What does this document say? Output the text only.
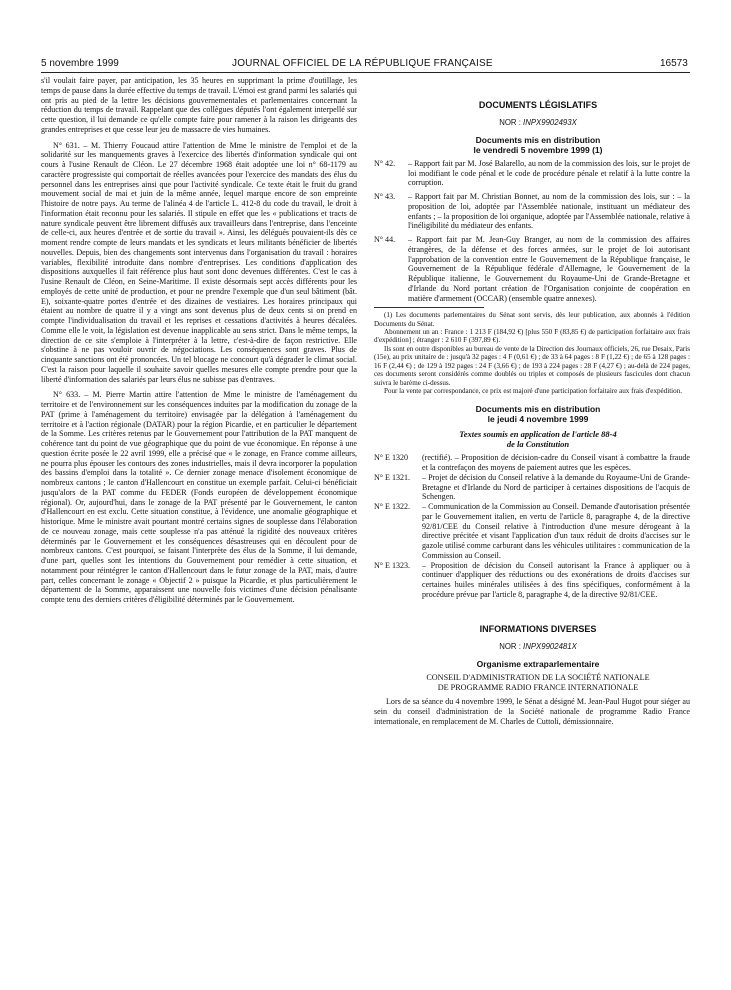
5 novembre 1999	JOURNAL OFFICIEL DE LA RÉPUBLIQUE FRANÇAISE	16573

s'il voulait faire payer, par anticipation, les 35 heures en supprimant la prime d'outillage, les temps de pause dans la durée effective du temps de travail. L'émoi est grand parmi les salariés qui ont pris au pied de la lettre les décisions gouvernementales et parlementaires concernant la réduction du temps de travail. Rappelant que des collègues députés l'ont également interpellé sur cette question, il lui demande ce qu'elle compte faire pour ramener à la raison les dirigeants des grandes entreprises et que cesse leur jeu de massacre de vies humaines.

N° 631. – M. Thierry Foucaud attire l'attention de Mme le ministre de l'emploi et de la solidarité sur les manquements graves à l'exercice des libertés d'information syndicale qui ont cours à l'usine Renault de Cléon. Le 27 décembre 1968 était adoptée une loi n° 68-1179 au caractère progressiste qui comportait de réelles avancées pour l'exercice des mandats des élus du personnel dans les entreprises ainsi que pour l'activité syndicale. Ce texte était le fruit du grand mouvement social de mai et juin de la même année, lequel marque encore de son empreinte l'histoire de notre pays. Au terme de l'alinéa 4 de l'article L. 412-8 du code du travail, le droit à l'information était reconnu pour les salariés. Il stipule en effet que les « publications et tracts de nature syndicale peuvent être librement diffusés aux travailleurs dans l'entreprise, dans l'enceinte de celle-ci, aux heures d'entrée et de sortie du travail ». Ainsi, les délégués pouvaient-ils dès ce moment rendre compte de leurs mandats et les syndicats et leurs militants bénéficier de libertés nouvelles. Depuis, bien des changements sont intervenus dans l'organisation du travail : horaires variables, flexibilité introduite dans nombre d'entreprises. Les conditions d'application des dispositions auxquelles il fait référence plus haut sont donc devenues différentes. C'est le cas à l'usine Renault de Cléon, en Seine-Maritime. Il existe désormais sept accès différents pour les employés de cette unité de production, et pour ne prendre l'exemple que d'un seul bâtiment (bât. E), soixante-quatre portes d'entrée et des dizaines de vestiaires. Les horaires principaux qui étaient au nombre de quatre il y a vingt ans sont devenus plus de deux cents si on prend en compte l'individualisation du travail et les reprises et cessations d'activités à heures décalées. Comme elle le voit, la législation est devenue inapplicable au sens strict. Dans le même temps, la direction de ce site s'emploie à l'interpréter à la lettre, c'est-à-dire de façon restrictive. Elle s'obstine à ne pas vouloir ouvrir de négociations. Les conséquences sont graves. Plus de cinquante sanctions ont été prononcées. Un tel blocage ne concourt qu'à dégrader le climat social. C'est la raison pour laquelle il souhaite savoir quelles mesures elle compte prendre pour que la liberté d'information des salariés par leurs élus ne subisse pas d'entraves.

N° 633. – M. Pierre Martin attire l'attention de Mme le ministre de l'aménagement du territoire et de l'environnement sur les conséquences induites par la modification du zonage de la PAT (prime à l'aménagement du territoire) envisagée par la délégation à l'aménagement du territoire et à l'action régionale (DATAR) pour la région Picardie, et en particulier le département de la Somme. Les critères retenus par le Gouvernement pour l'attribution de la PAT manquent de cohérence tant du point de vue géographique que du point de vue économique. En réponse à une question écrite posée le 22 avril 1999, elle a précisé que « le zonage, en France comme ailleurs, ne pourra plus épouser les contours des zones industrielles, mais il devra incorporer la population des bassins d'emploi dans la totalité ». Ce dernier zonage menace d'isolement économique de nombreux cantons ; le canton d'Hallencourt en constitue un exemple parfait. Celui-ci bénéficiait jusqu'alors de la PAT comme du FEDER (Fonds européen de développement économique régional). Or, aujourd'hui, dans le zonage de la PAT présenté par le Gouvernement, le canton d'Hallencourt en est exclu. Cette situation constitue, à l'évidence, une anomalie géographique et historique. Mme le ministre avait pourtant montré certains signes de souplesse dans l'élaboration de ce nouveau zonage, mais cette souplesse n'a pas atténué la rigidité des nouveaux critères déterminés par le Gouvernement et les conséquences désastreuses qui en découlent pour de nombreux cantons. C'est pourquoi, se faisant l'interprète des élus de la Somme, il lui demande, d'une part, quelles sont les intentions du Gouvernement pour remédier à cette situation, et notamment pour réintégrer le canton d'Hallencourt dans le futur zonage de la PAT, mais, d'autre part, celles concernant le zonage « Objectif 2 » puisque la Picardie, et plus particulièrement le département de la Somme, apparaissent une nouvelle fois victimes d'une décision pénalisante compte tenu des derniers critères d'éligibilité déterminés par le Gouvernement.

DOCUMENTS LÉGISLATIFS

NOR : INPX9902493X

Documents mis en distribution

le vendredi 5 novembre 1999 (1)

N° 42.	– Rapport fait par M. José Balarello, au nom de la commission des lois, sur le projet de loi modifiant le code pénal et le code de procédure pénale et relatif à la lutte contre la corruption.
N° 43.	– Rapport fait par M. Christian Bonnet, au nom de la commission des lois, sur : – la proposition de loi, adoptée par l'Assemblée nationale, instituant un médiateur des enfants ; – la proposition de loi organique, adoptée par l'Assemblée nationale, relative à l'inéligibilité du médiateur des enfants.
N° 44.	– Rapport fait par M. Jean-Guy Branger, au nom de la commission des affaires étrangères, de la défense et des forces armées, sur le projet de loi autorisant l'approbation de la convention entre le Gouvernement de la République française, le Gouvernement de la République fédérale d'Allemagne, le Gouvernement de la République italienne, le Gouvernement du Royaume-Uni de Grande-Bretagne et d'Irlande du Nord portant création de l'Organisation conjointe de coopération en matière d'armement (OCCAR) (ensemble quatre annexes).

(1) Les documents parlementaires du Sénat sont servis, dès leur publication, aux abonnés à l'édition Documents du Sénat.

Abonnement un an : France : 1 213 F (184,92 €) [plus 550 F (83,85 €) de participation forfaitaire aux frais d'expédition] ; étranger : 2 610 F (397,89 €).

Ils sont en outre disponibles au bureau de vente de la Direction des Journaux officiels, 26, rue Desaix, Paris (15e), au prix unitaire de : jusqu'à 32 pages : 4 F (0,61 €) ; de 33 à 64 pages : 8 F (1,22 €) ; de 65 à 128 pages : 16 F (2,44 €) ; de 129 à 192 pages : 24 F (3,66 €) ; de 193 à 224 pages : 28 F (4,27 €) ; au-delà de 224 pages, ces documents seront considérés comme doublés ou triples et composés de plusieurs fascicules dont chacun suivra le barème ci-dessus.

Pour la vente par correspondance, ce prix est majoré d'une participation forfaitaire aux frais d'expédition.

Documents mis en distribution

le jeudi 4 novembre 1999

Textes soumis en application de l'article 88-4

de la Constitution

N° E 1320	(rectifié). – Proposition de décision-cadre du Conseil visant à combattre la fraude et la contrefaçon des moyens de paiement autres que les espèces.
N° E 1321.	– Projet de décision du Conseil relative à la demande du Royaume-Uni de Grande-Bretagne et d'Irlande du Nord de participer à certaines dispositions de l'acquis de Schengen.
N° E 1322.	– Communication de la Commission au Conseil. Demande d'autorisation présentée par le Gouvernement italien, en vertu de l'article 8, paragraphe 4, de la directive 92/81/CEE du Conseil relative à l'introduction d'une mesure dérogeant à la directive précitée et visant l'application d'un taux réduit de droits d'accises sur le gazole utilisé comme carburant dans les véhicules utilitaires : communication de la Commission au Conseil.
N° E 1323.	– Proposition de décision du Conseil autorisant la France à appliquer ou à continuer d'appliquer des réductions ou des exonérations de droits d'accises sur certaines huiles minérales utilisées à des fins spécifiques, conformément à la procédure prévue par l'article 8, paragraphe 4, de la directive 92/81/CEE.

INFORMATIONS DIVERSES

NOR : INPX9902481X

Organisme extraparlementaire

CONSEIL D'ADMINISTRATION DE LA SOCIÉTÉ NATIONALE

DE PROGRAMME RADIO FRANCE INTERNATIONALE

Lors de sa séance du 4 novembre 1999, le Sénat a désigné M. Jean-Paul Hugot pour siéger au sein du conseil d'administration de la Société nationale de programme Radio France internationale, en remplacement de M. Charles de Cuttoli, démissionnaire.
